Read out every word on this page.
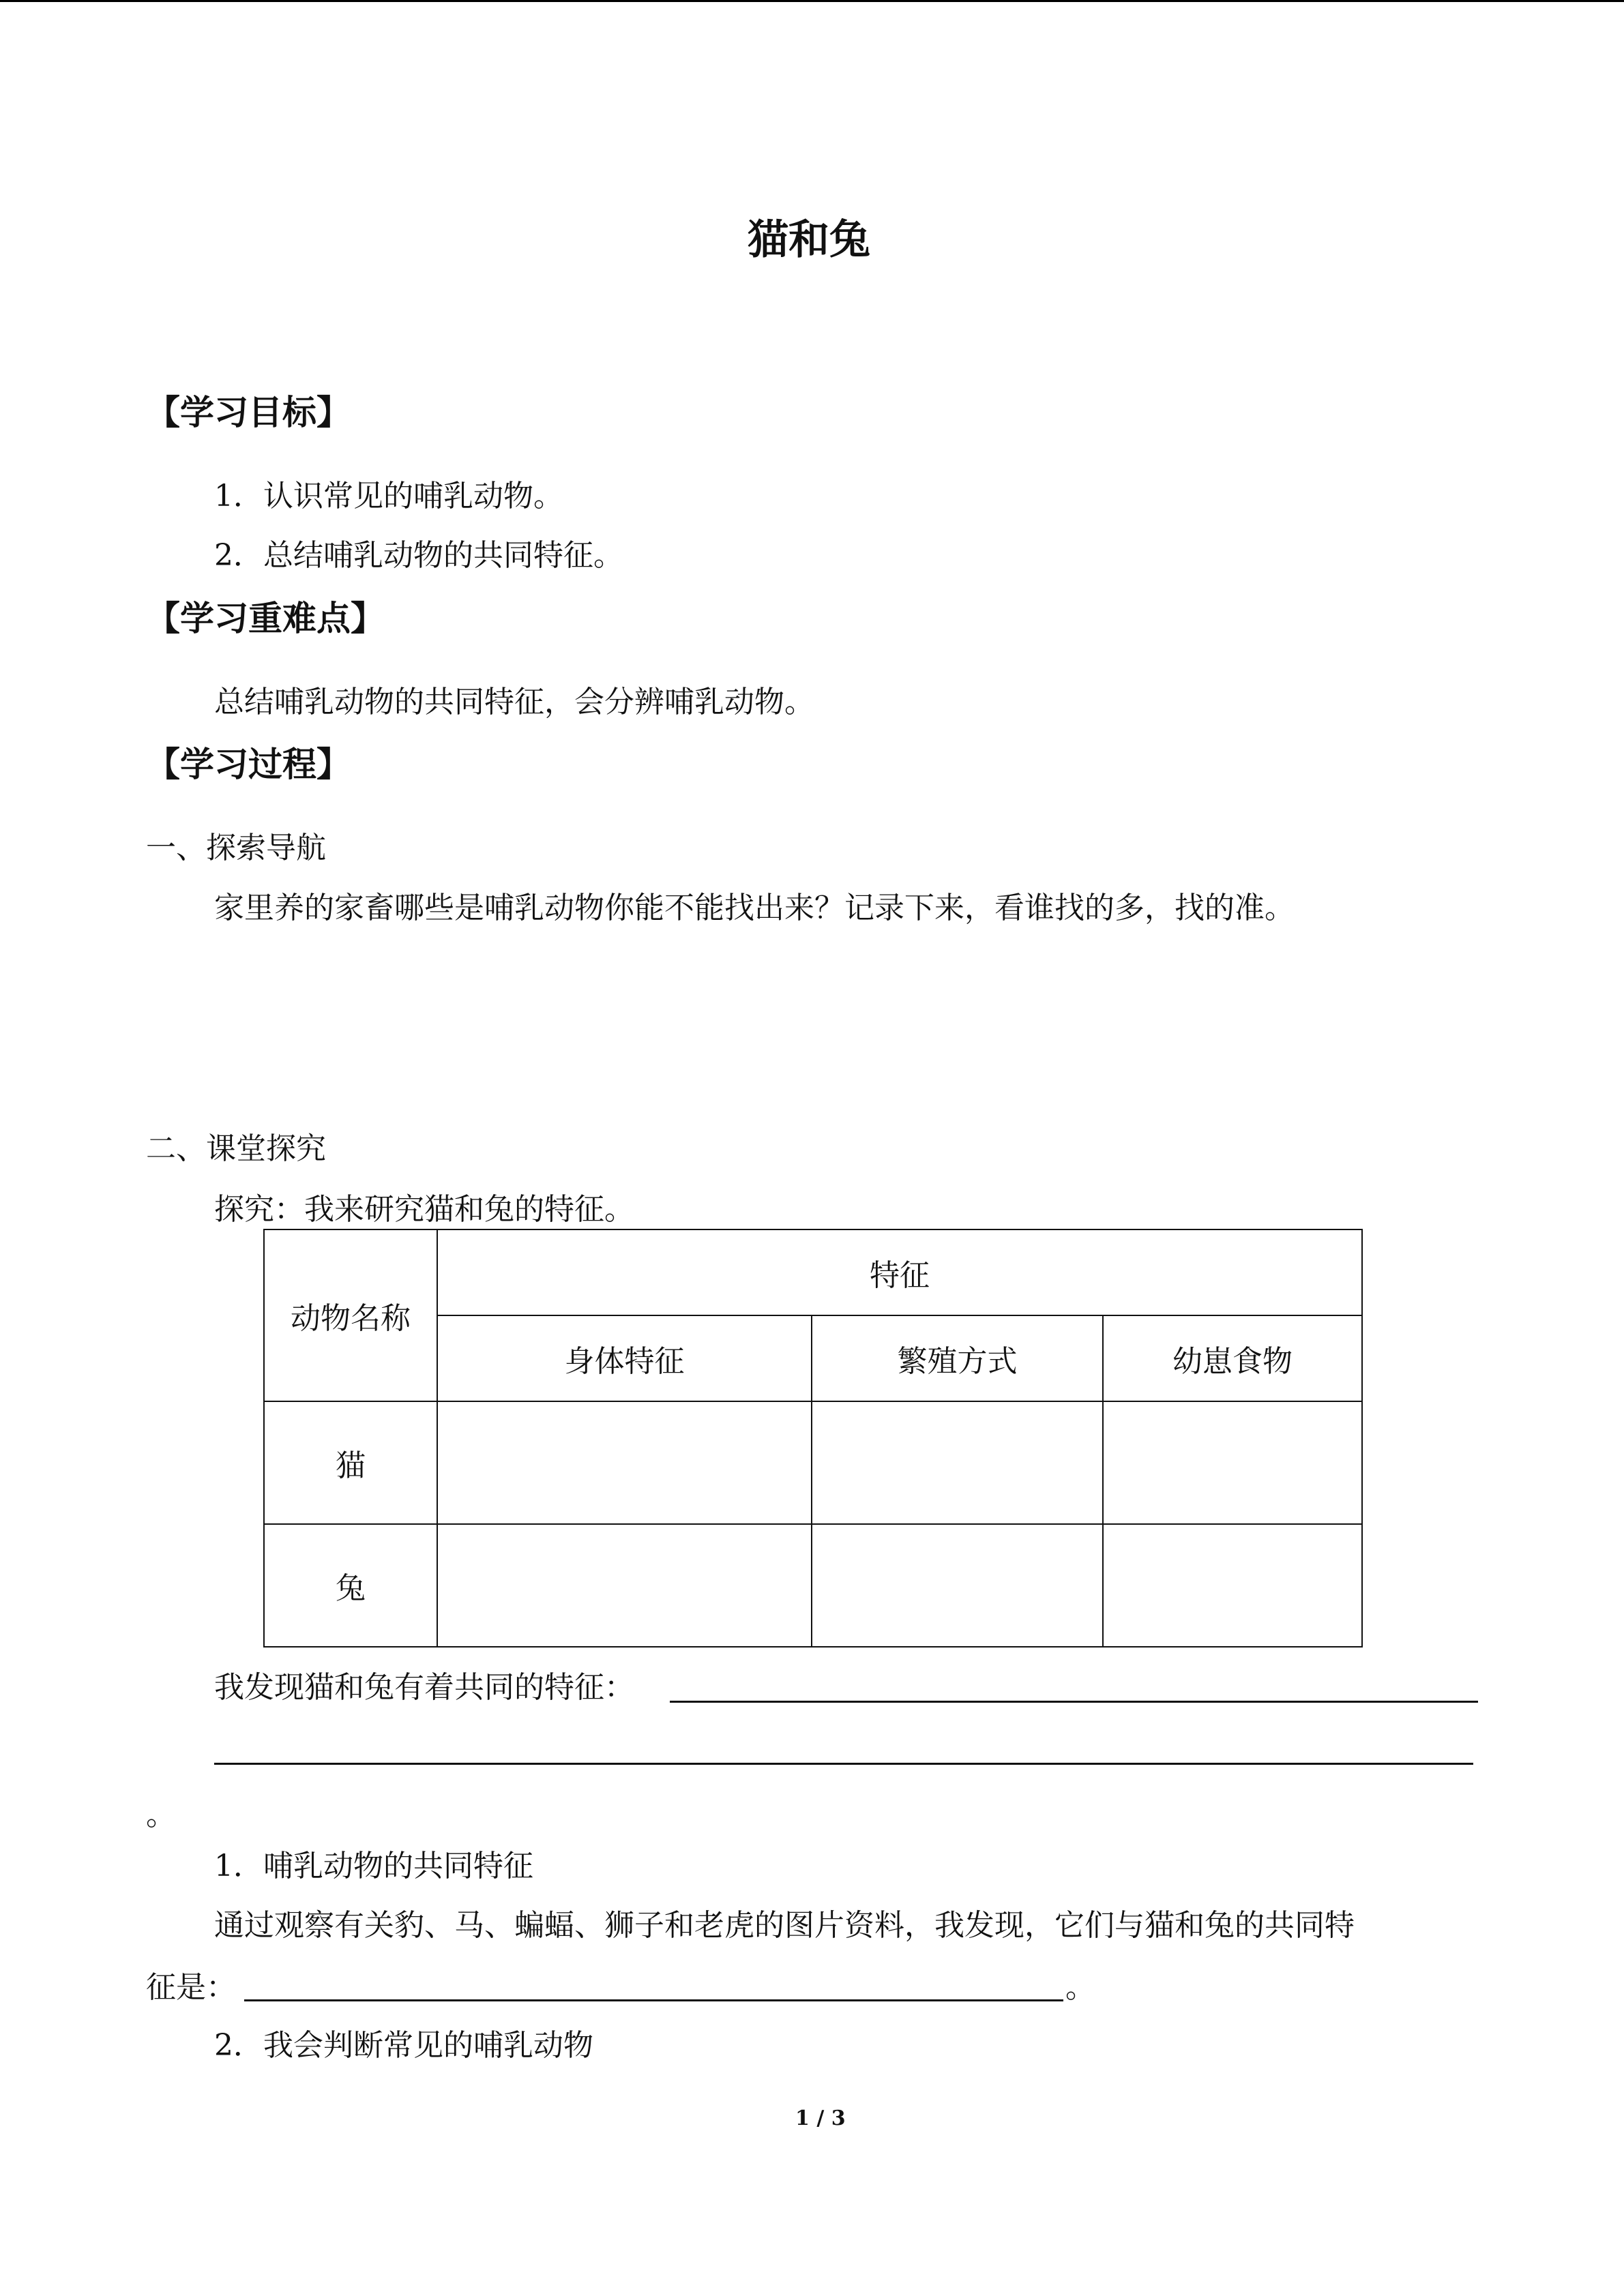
猫和兔
【学习目标】

1．认识常见的哺乳动物。

2．总结哺乳动物的共同特征。

【学习重难点】

总结哺乳动物的共同特征，会分辨哺乳动物。

【学习过程】

一、探索导航

家里养的家畜哪些是哺乳动物你能不能找出来？记录下来，看谁找的多，找的准。

二、课堂探究

探究：我来研究猫和兔的特征。

动物名称	特征		
	身体特征	繁殖方式	幼崽食物
猫			
兔			

我发现猫和兔有着共同的特征：

。

1．哺乳动物的共同特征

通过观察有关豹、马、蝙蝠、狮子和老虎的图片资料，我发现，它们与猫和兔的共同特

征是：	。

2．我会判断常见的哺乳动物

1 / 3
